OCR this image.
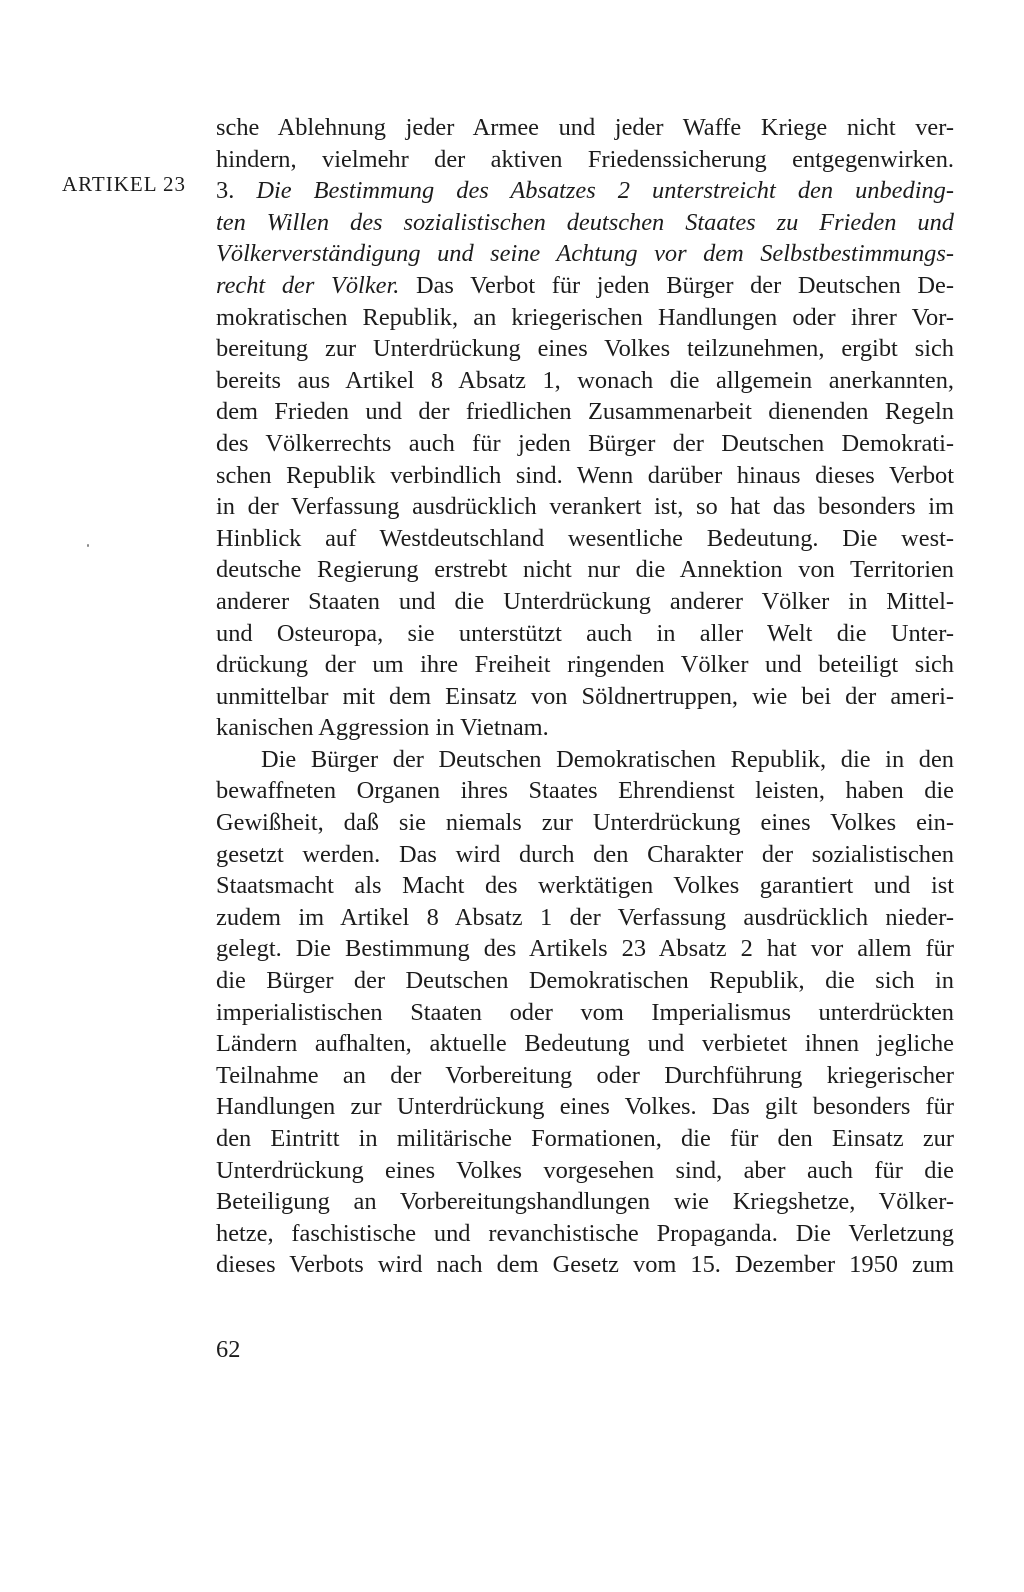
ARTIKEL 23
sche Ablehnung jeder Armee und jeder Waffe Kriege nicht ver-
hindern, vielmehr der aktiven Friedenssicherung entgegenwirken.
3. Die Bestimmung des Absatzes 2 unterstreicht den unbeding-
ten Willen des sozialistischen deutschen Staates zu Frieden und
Völkerverständigung und seine Achtung vor dem Selbstbestimmungs-
recht der Völker. Das Verbot für jeden Bürger der Deutschen De-
mokratischen Republik, an kriegerischen Handlungen oder ihrer Vor-
bereitung zur Unterdrückung eines Volkes teilzunehmen, ergibt sich
bereits aus Artikel 8 Absatz 1, wonach die allgemein anerkannten,
dem Frieden und der friedlichen Zusammenarbeit dienenden Regeln
des Völkerrechts auch für jeden Bürger der Deutschen Demokrati-
schen Republik verbindlich sind. Wenn darüber hinaus dieses Verbot
in der Verfassung ausdrücklich verankert ist, so hat das besonders im
Hinblick auf Westdeutschland wesentliche Bedeutung. Die west-
deutsche Regierung erstrebt nicht nur die Annektion von Territorien
anderer Staaten und die Unterdrückung anderer Völker in Mittel-
und Osteuropa, sie unterstützt auch in aller Welt die Unter-
drückung der um ihre Freiheit ringenden Völker und beteiligt sich
unmittelbar mit dem Einsatz von Söldnertruppen, wie bei der ameri-
kanischen Aggression in Vietnam.
Die Bürger der Deutschen Demokratischen Republik, die in den
bewaffneten Organen ihres Staates Ehrendienst leisten, haben die
Gewißheit, daß sie niemals zur Unterdrückung eines Volkes ein-
gesetzt werden. Das wird durch den Charakter der sozialistischen
Staatsmacht als Macht des werktätigen Volkes garantiert und ist
zudem im Artikel 8 Absatz 1 der Verfassung ausdrücklich nieder-
gelegt. Die Bestimmung des Artikels 23 Absatz 2 hat vor allem für
die Bürger der Deutschen Demokratischen Republik, die sich in
imperialistischen Staaten oder vom Imperialismus unterdrückten
Ländern aufhalten, aktuelle Bedeutung und verbietet ihnen jegliche
Teilnahme an der Vorbereitung oder Durchführung kriegerischer
Handlungen zur Unterdrückung eines Volkes. Das gilt besonders für
den Eintritt in militärische Formationen, die für den Einsatz zur
Unterdrückung eines Volkes vorgesehen sind, aber auch für die
Beteiligung an Vorbereitungshandlungen wie Kriegshetze, Völker-
hetze, faschistische und revanchistische Propaganda. Die Verletzung
dieses Verbots wird nach dem Gesetz vom 15. Dezember 1950 zum
62
